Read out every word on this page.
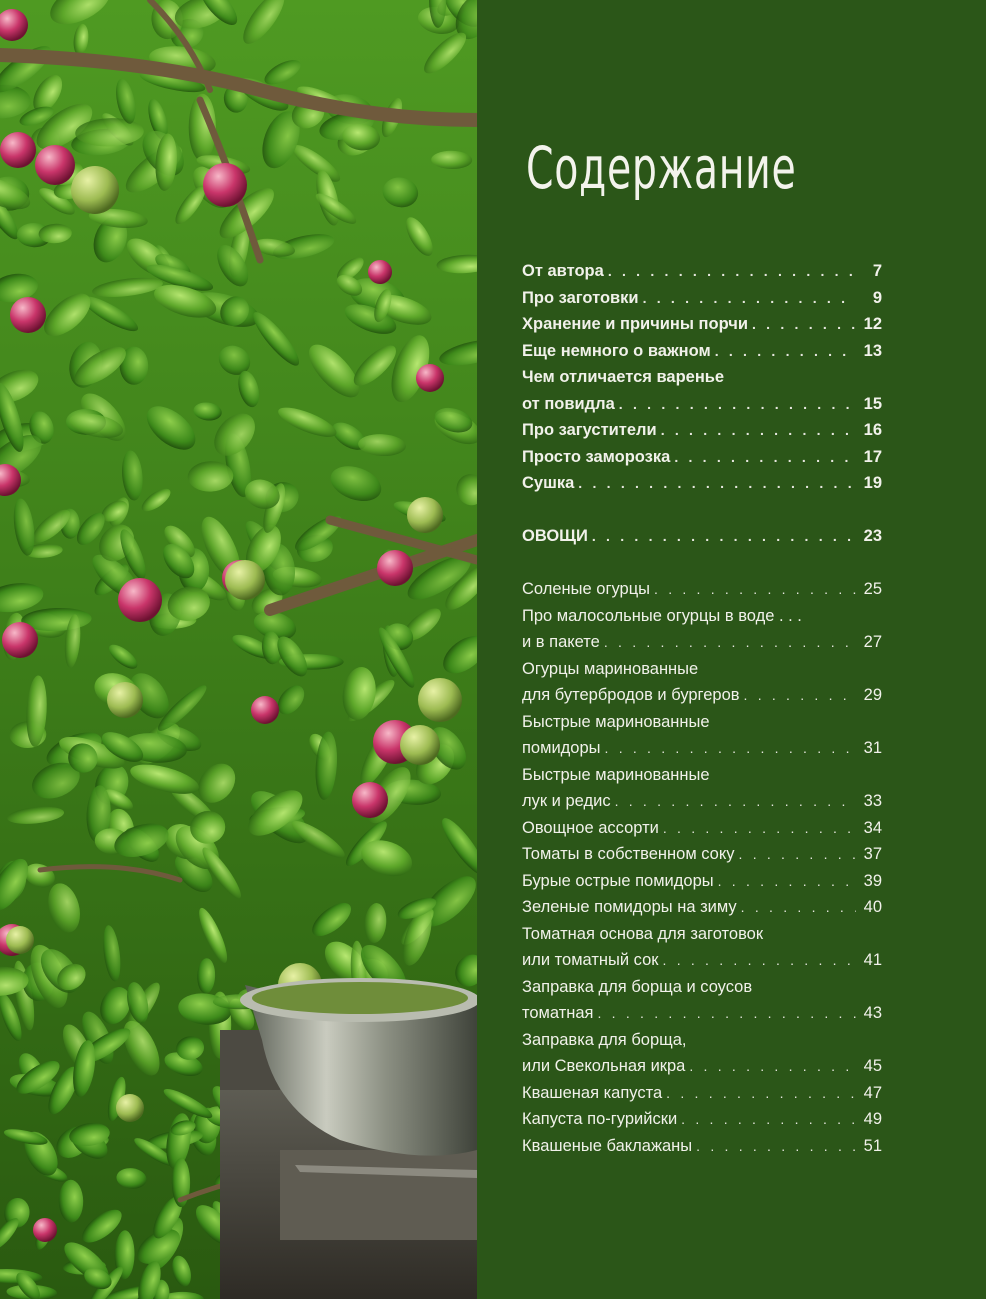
Содержание
От автора . . .	7
Про заготовки . . .	9
Хранение и причины порчи . . .	12
Еще немного о важном . . .	13
Чем отличается варенье
от повидла . . .	15
Про загустители . . .	16
Просто заморозка . . .	17
Сушка . . .	19
ОВОЩИ . . .	23
Соленые огурцы . . .	25
Про малосольные огурцы в воде . . .
и в пакете . . .	27
Огурцы маринованные
для бутербродов и бургеров . . .	29
Быстрые маринованные
помидоры . . .	31
Быстрые маринованные
лук и редис . . .	33
Овощное ассорти . . .	34
Томаты в собственном соку . . .	37
Бурые острые помидоры . . .	39
Зеленые помидоры на зиму . . .	40
Томатная основа для заготовок
или томатный сок . . .	41
Заправка для борща и соусов
томатная . . .	43
Заправка для борща,
или Свекольная икра . . .	45
Квашеная капуста . . .	47
Капуста по-гурийски . . .	49
Квашеные баклажаны . . .	51
